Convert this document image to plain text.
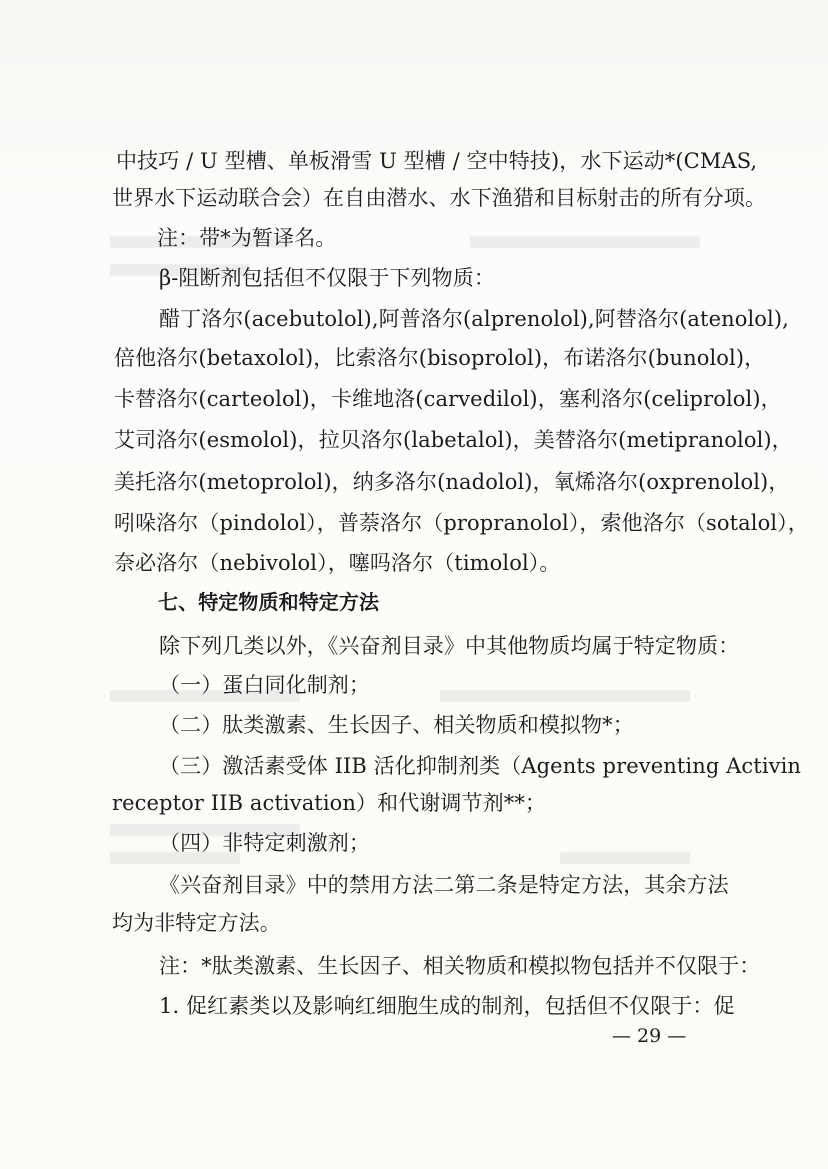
中技巧 / U 型槽、单板滑雪 U 型槽 / 空中特技)，水下运动*(CMAS,
世界水下运动联合会）在自由潜水、水下渔猎和目标射击的所有分项。
注：带*为暂译名。
β-阻断剂包括但不仅限于下列物质：
醋丁洛尔(acebutolol),阿普洛尔(alprenolol),阿替洛尔(atenolol),
倍他洛尔(betaxolol)，比索洛尔(bisoprolol)，布诺洛尔(bunolol)，
卡替洛尔(carteolol)，卡维地洛(carvedilol)，塞利洛尔(celiprolol)，
艾司洛尔(esmolol)，拉贝洛尔(labetalol)，美替洛尔(metipranolol)，
美托洛尔(metoprolol)，纳多洛尔(nadolol)，氧烯洛尔(oxprenolol)，
吲哚洛尔（pindolol），普萘洛尔（propranolol），索他洛尔（sotalol），
奈必洛尔（nebivolol），噻吗洛尔（timolol）。
七、特定物质和特定方法
除下列几类以外，《兴奋剂目录》中其他物质均属于特定物质：
（一）蛋白同化制剂；
（二）肽类激素、生长因子、相关物质和模拟物*；
（三）激活素受体 IIB 活化抑制剂类（Agents preventing Activin
receptor IIB activation）和代谢调节剂**；
（四）非特定刺激剂；
《兴奋剂目录》中的禁用方法二第二条是特定方法，其余方法
均为非特定方法。
注：*肽类激素、生长因子、相关物质和模拟物包括并不仅限于：
1. 促红素类以及影响红细胞生成的制剂，包括但不仅限于：促
— 29 —
